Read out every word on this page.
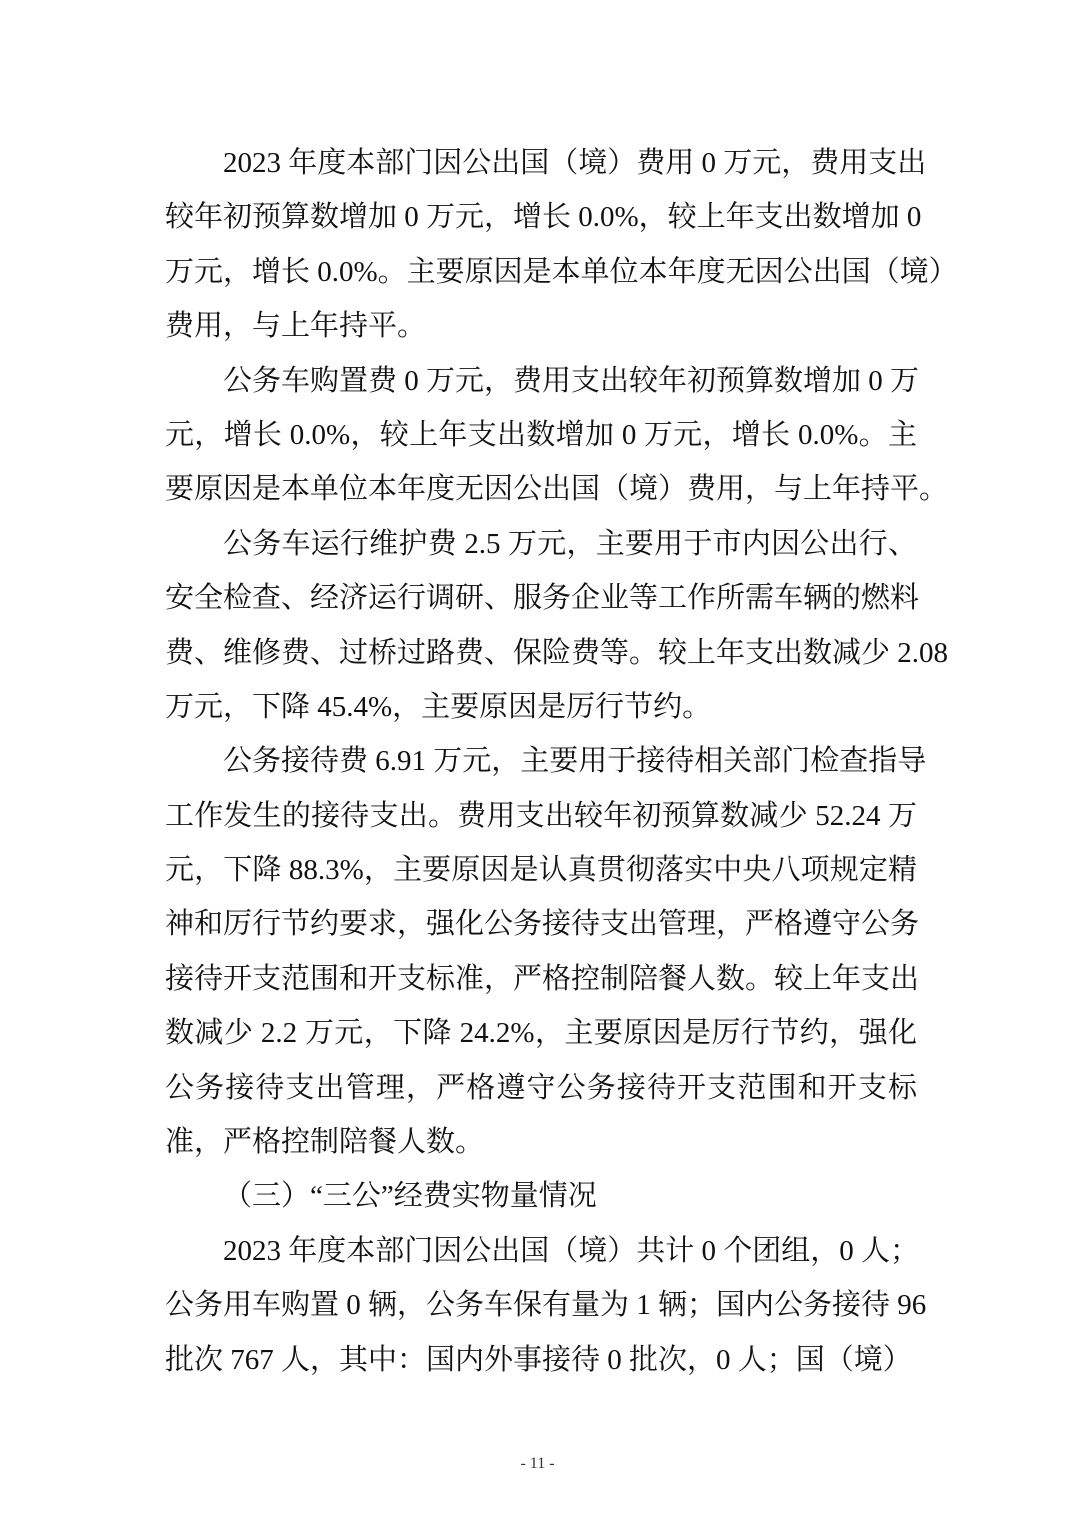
2023 年度本部门因公出国（境）费用 0 万元，费用支出
较年初预算数增加 0 万元，增长 0.0%，较上年支出数增加 0
万元，增长 0.0%。主要原因是本单位本年度无因公出国（境）
费用，与上年持平。
公务车购置费 0 万元，费用支出较年初预算数增加 0 万
元，增长 0.0%，较上年支出数增加 0 万元，增长 0.0%。主
要原因是本单位本年度无因公出国（境）费用，与上年持平。
公务车运行维护费 2.5 万元，主要用于市内因公出行、
安全检查、经济运行调研、服务企业等工作所需车辆的燃料
费、维修费、过桥过路费、保险费等。较上年支出数减少 2.08
万元，下降 45.4%，主要原因是厉行节约。
公务接待费 6.91 万元，主要用于接待相关部门检查指导
工作发生的接待支出。费用支出较年初预算数减少 52.24 万
元，下降 88.3%，主要原因是认真贯彻落实中央八项规定精
神和厉行节约要求，强化公务接待支出管理，严格遵守公务
接待开支范围和开支标准，严格控制陪餐人数。较上年支出
数减少 2.2 万元，下降 24.2%，主要原因是厉行节约，强化
公务接待支出管理，严格遵守公务接待开支范围和开支标
准，严格控制陪餐人数。
（三）“三公”经费实物量情况
2023 年度本部门因公出国（境）共计 0 个团组，0 人；
公务用车购置 0 辆，公务车保有量为 1 辆；国内公务接待 96
批次 767 人，其中：国内外事接待 0 批次，0 人；国（境）
- 11 -
